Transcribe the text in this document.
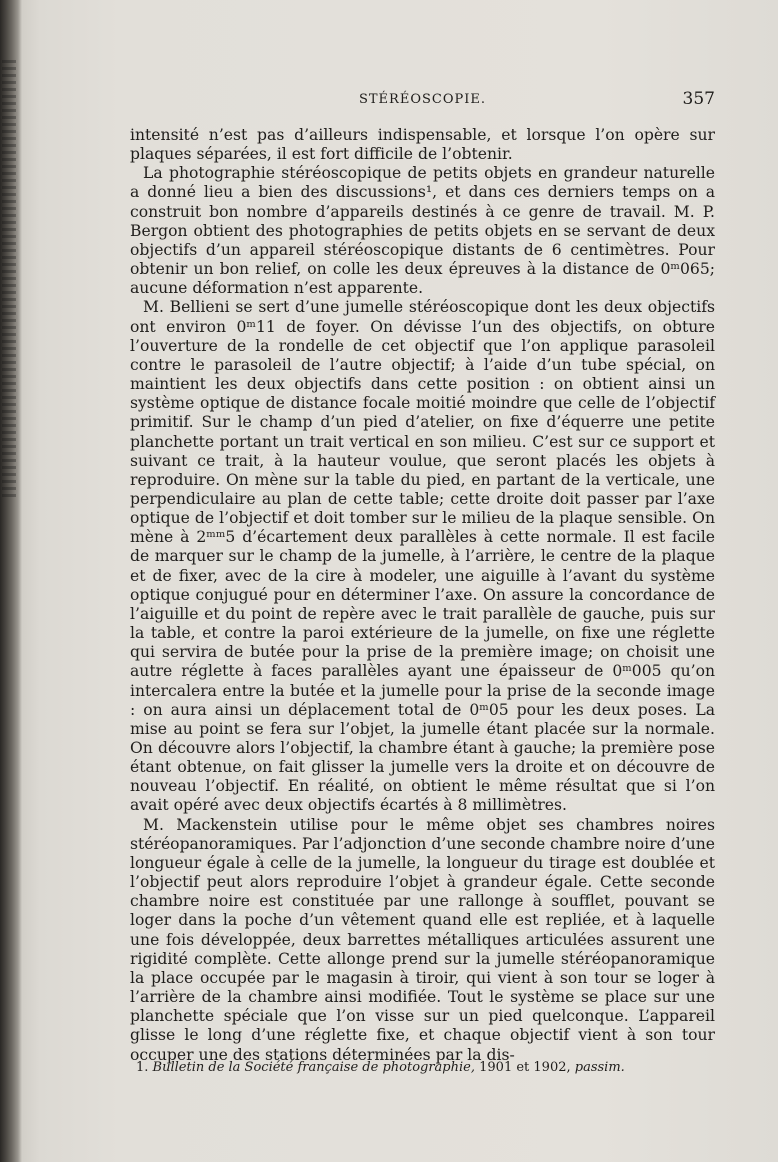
STÉRÉOSCOPIE.	357

intensité n’est pas d’ailleurs indispensable, et lorsque l’on opère sur plaques séparées, il est fort difficile de l’obtenir.

La photographie stéréoscopique de petits objets en grandeur naturelle a donné lieu a bien des discussions¹, et dans ces derniers temps on a construit bon nombre d’appareils destinés à ce genre de travail. M. P. Bergon obtient des photographies de petits objets en se servant de deux objectifs d’un appareil stéréoscopique distants de 6 centimètres. Pour obtenir un bon relief, on colle les deux épreuves à la distance de 0ᵐ065; aucune déformation n’est apparente.

M. Bellieni se sert d’une jumelle stéréoscopique dont les deux objectifs ont environ 0ᵐ11 de foyer. On dévisse l’un des objectifs, on obture l’ouverture de la rondelle de cet objectif que l’on applique parasoleil contre le parasoleil de l’autre objectif; à l’aide d’un tube spécial, on maintient les deux objectifs dans cette position : on obtient ainsi un système optique de distance focale moitié moindre que celle de l’objectif primitif. Sur le champ d’un pied d’atelier, on fixe d’équerre une petite planchette portant un trait vertical en son milieu. C’est sur ce support et suivant ce trait, à la hauteur voulue, que seront placés les objets à reproduire. On mène sur la table du pied, en partant de la verticale, une perpendiculaire au plan de cette table; cette droite doit passer par l’axe optique de l’objectif et doit tomber sur le milieu de la plaque sensible. On mène à 2ᵐᵐ5 d’écartement deux parallèles à cette normale. Il est facile de marquer sur le champ de la jumelle, à l’arrière, le centre de la plaque et de fixer, avec de la cire à modeler, une aiguille à l’avant du système optique conjugué pour en déterminer l’axe. On assure la concordance de l’aiguille et du point de repère avec le trait parallèle de gauche, puis sur la table, et contre la paroi extérieure de la jumelle, on fixe une réglette qui servira de butée pour la prise de la première image; on choisit une autre réglette à faces parallèles ayant une épaisseur de 0ᵐ005 qu’on intercalera entre la butée et la jumelle pour la prise de la seconde image : on aura ainsi un déplacement total de 0ᵐ05 pour les deux poses. La mise au point se fera sur l’objet, la jumelle étant placée sur la normale. On découvre alors l’objectif, la chambre étant à gauche; la première pose étant obtenue, on fait glisser la jumelle vers la droite et on découvre de nouveau l’objectif. En réalité, on obtient le même résultat que si l’on avait opéré avec deux objectifs écartés à 8 millimètres.

M. Mackenstein utilise pour le même objet ses chambres noires stéréopanoramiques. Par l’adjonction d’une seconde chambre noire d’une longueur égale à celle de la jumelle, la longueur du tirage est doublée et l’objectif peut alors reproduire l’objet à grandeur égale. Cette seconde chambre noire est constituée par une rallonge à soufflet, pouvant se loger dans la poche d’un vêtement quand elle est repliée, et à laquelle une fois développée, deux barrettes métalliques articulées assurent une rigidité complète. Cette allonge prend sur la jumelle stéréopanoramique la place occupée par le magasin à tiroir, qui vient à son tour se loger à l’arrière de la chambre ainsi modifiée. Tout le système se place sur une planchette spéciale que l’on visse sur un pied quelconque. L’appareil glisse le long d’une réglette fixe, et chaque objectif vient à son tour occuper une des stations déterminées par la dis-

1. Bulletin de la Société française de photographie, 1901 et 1902, passim.
